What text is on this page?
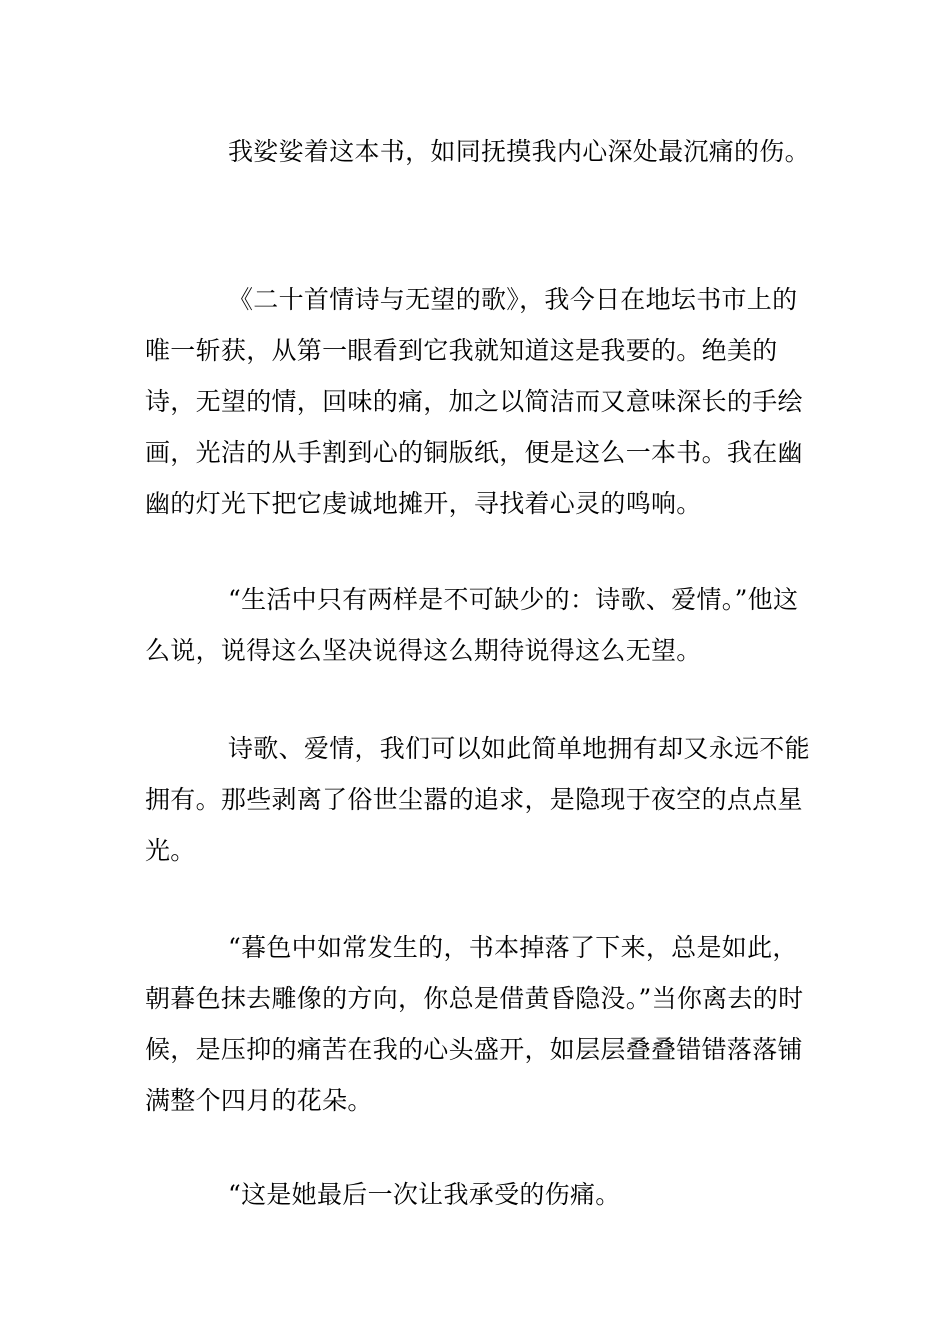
我娑娑着这本书，如同抚摸我内心深处最沉痛的伤。

《二十首情诗与无望的歌》，我今日在地坛书市上的唯一斩获，从第一眼看到它我就知道这是我要的。绝美的诗，无望的情，回味的痛，加之以简洁而又意味深长的手绘画，光洁的从手割到心的铜版纸，便是这么一本书。我在幽幽的灯光下把它虔诚地摊开，寻找着心灵的鸣响。

“生活中只有两样是不可缺少的：诗歌、爱情。”他这么说，说得这么坚决说得这么期待说得这么无望。

诗歌、爱情，我们可以如此简单地拥有却又永远不能拥有。那些剥离了俗世尘嚣的追求，是隐现于夜空的点点星光。

“暮色中如常发生的，书本掉落了下来，总是如此，朝暮色抹去雕像的方向，你总是借黄昏隐没。”当你离去的时候，是压抑的痛苦在我的心头盛开，如层层叠叠错错落落铺满整个四月的花朵。

“这是她最后一次让我承受的伤痛。
